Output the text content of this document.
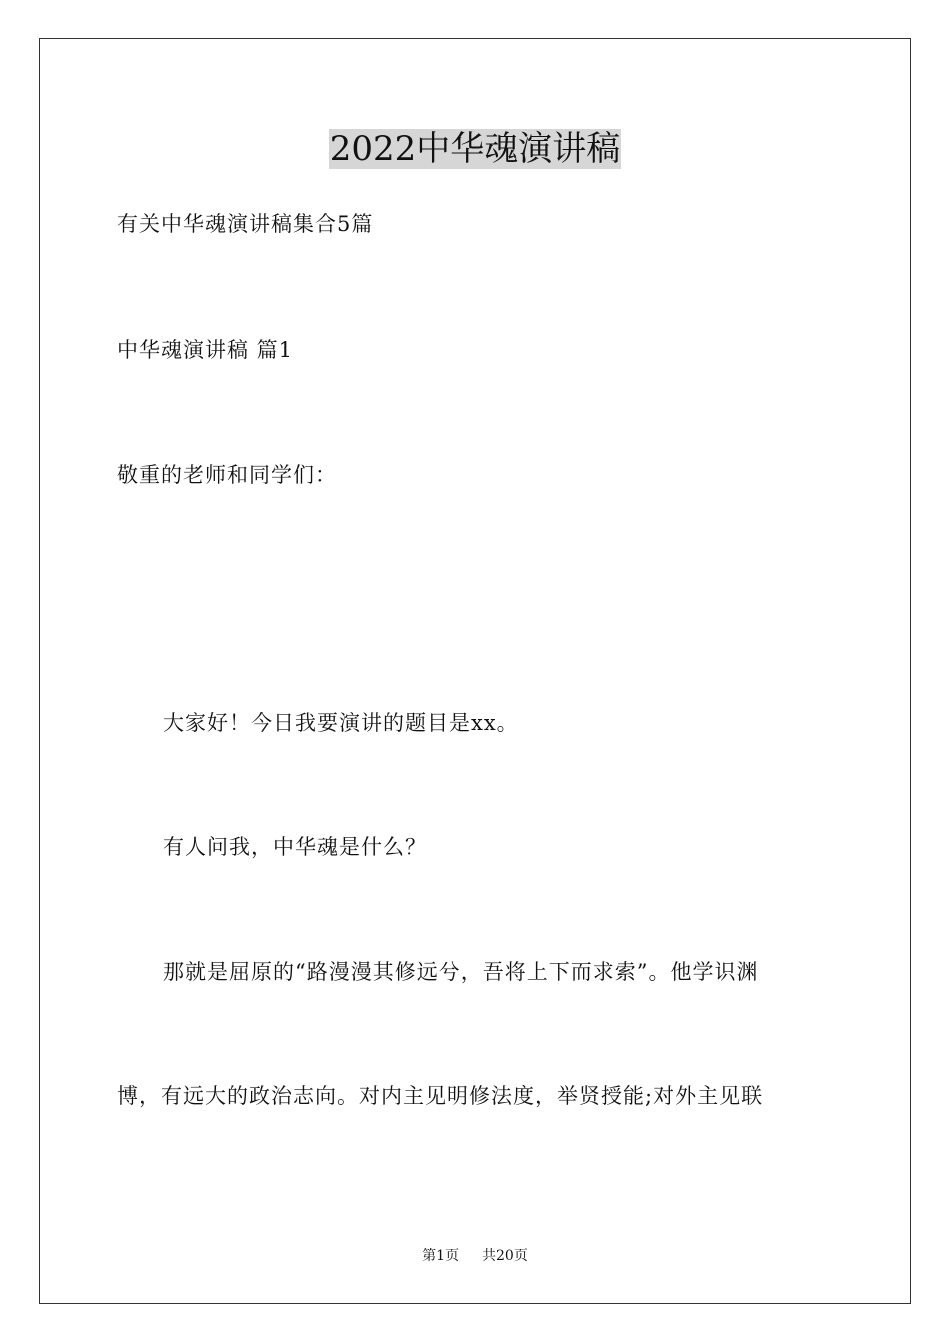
2022中华魂演讲稿
有关中华魂演讲稿集合5篇
中华魂演讲稿 篇1
敬重的老师和同学们：
大家好！今日我要演讲的题目是xx。
有人问我，中华魂是什么？
那就是屈原的“路漫漫其修远兮，吾将上下而求索”。他学识渊
博，有远大的政治志向。对内主见明修法度，举贤授能;对外主见联
第1页 共20页
